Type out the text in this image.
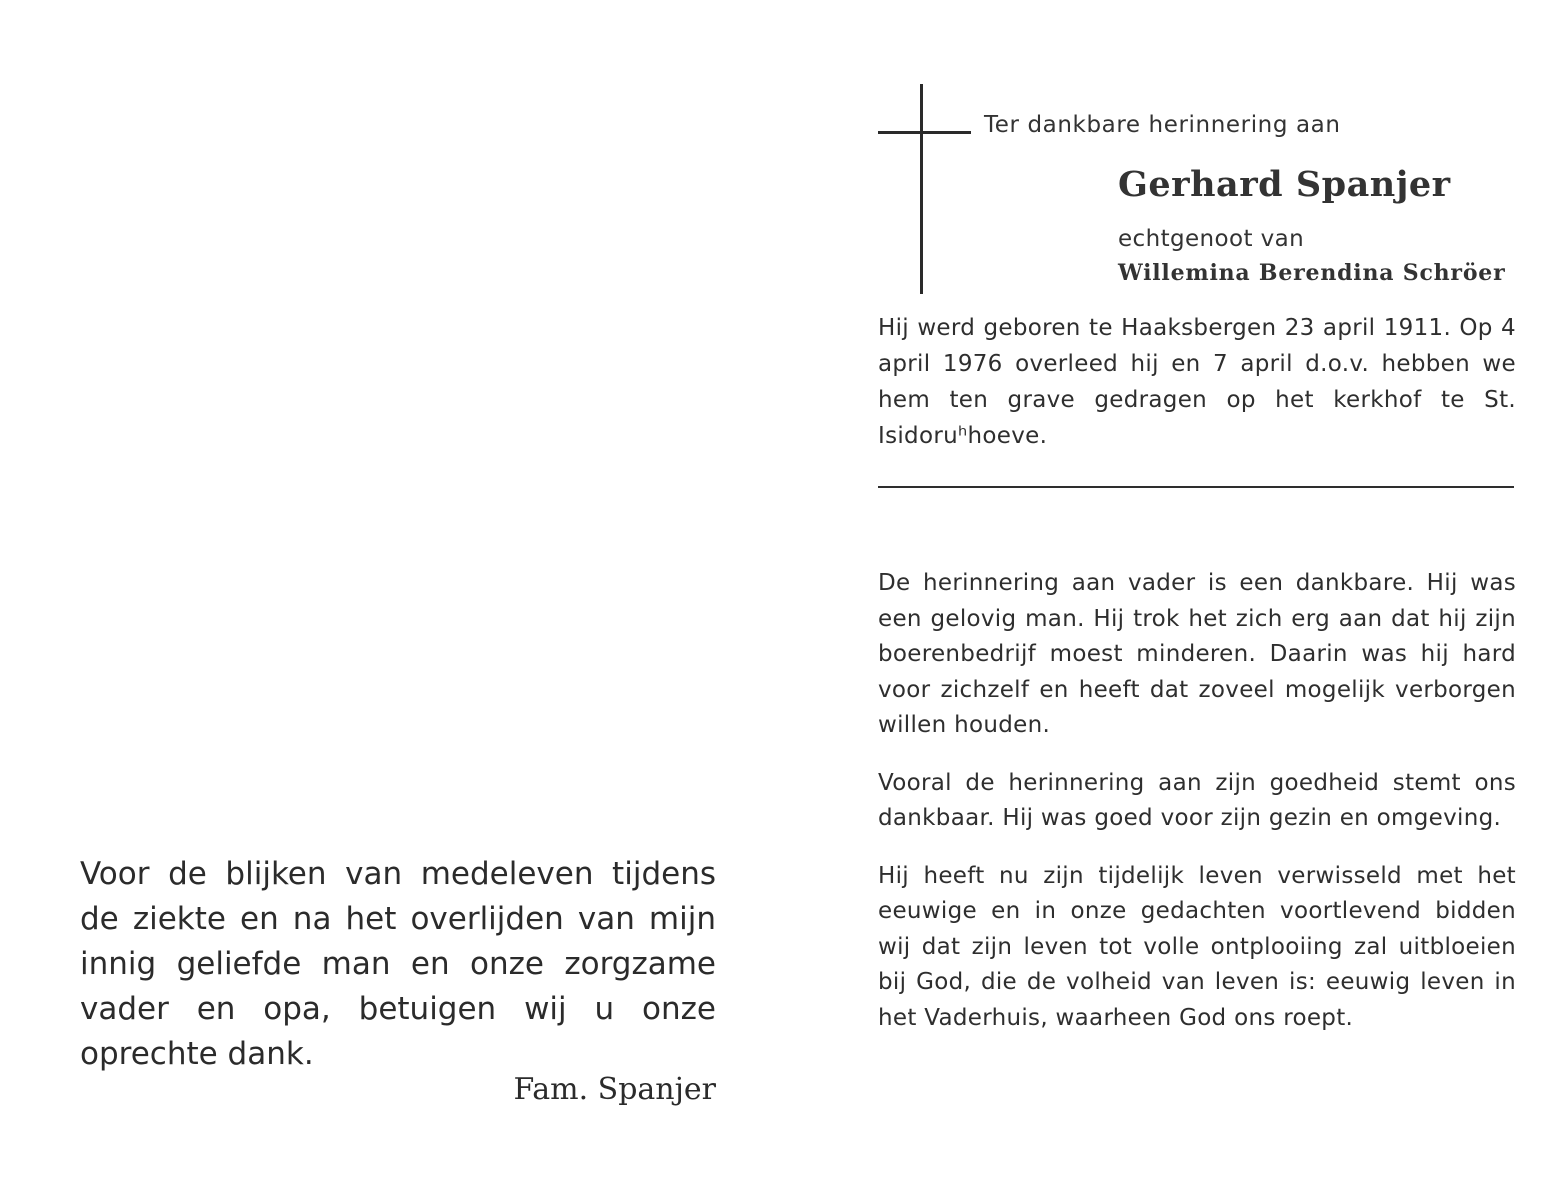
Voor de blijken van medeleven tijdens de ziekte en na het overlijden van mijn innig geliefde man en onze zorgzame vader en opa, betuigen wij u onze oprechte dank.

Fam. Spanjer
Ter dankbare herinnering aan
Gerhard Spanjer
echtgenoot van
Willemina Berendina Schröer

Hij werd geboren te Haaksbergen 23 april 1911. Op 4 april 1976 overleed hij en 7 april d.o.v. hebben we hem ten grave gedragen op het kerkhof te St. Isidoruʰhoeve.

De herinnering aan vader is een dankbare. Hij was een gelovig man. Hij trok het zich erg aan dat hij zijn boerenbedrijf moest minderen. Daarin was hij hard voor zichzelf en heeft dat zoveel mogelijk verborgen willen houden.

Vooral de herinnering aan zijn goedheid stemt ons dankbaar. Hij was goed voor zijn gezin en omgeving.

Hij heeft nu zijn tijdelijk leven verwisseld met het eeuwige en in onze gedachten voortlevend bidden wij dat zijn leven tot volle ontplooiing zal uitbloeien bij God, die de volheid van leven is: eeuwig leven in het Vaderhuis, waarheen God ons roept.
